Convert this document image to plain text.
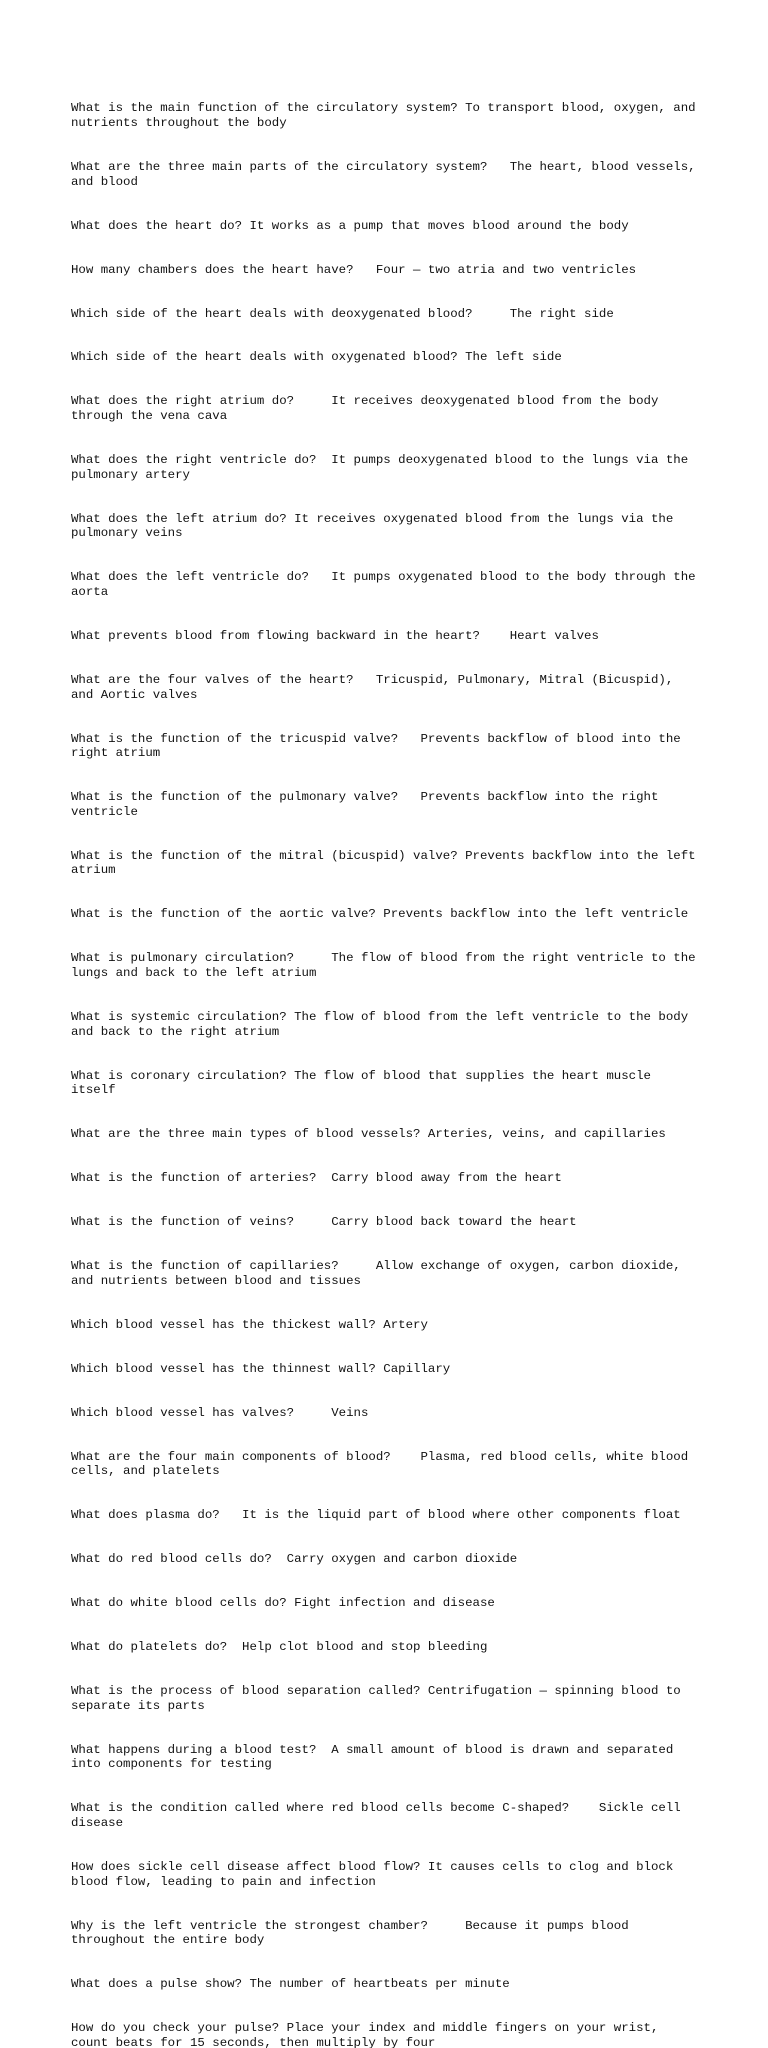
What is the main function of the circulatory system? To transport blood, oxygen, and nutrients throughout the body

What are the three main parts of the circulatory system?   The heart, blood vessels, and blood

What does the heart do? It works as a pump that moves blood around the body

How many chambers does the heart have?   Four — two atria and two ventricles

Which side of the heart deals with deoxygenated blood?     The right side

Which side of the heart deals with oxygenated blood? The left side

What does the right atrium do?     It receives deoxygenated blood from the body through the vena cava

What does the right ventricle do?  It pumps deoxygenated blood to the lungs via the pulmonary artery

What does the left atrium do? It receives oxygenated blood from the lungs via the pulmonary veins

What does the left ventricle do?   It pumps oxygenated blood to the body through the aorta

What prevents blood from flowing backward in the heart?    Heart valves

What are the four valves of the heart?   Tricuspid, Pulmonary, Mitral (Bicuspid), and Aortic valves

What is the function of the tricuspid valve?   Prevents backflow of blood into the right atrium

What is the function of the pulmonary valve?   Prevents backflow into the right ventricle

What is the function of the mitral (bicuspid) valve? Prevents backflow into the left atrium

What is the function of the aortic valve? Prevents backflow into the left ventricle

What is pulmonary circulation?     The flow of blood from the right ventricle to the lungs and back to the left atrium

What is systemic circulation? The flow of blood from the left ventricle to the body and back to the right atrium

What is coronary circulation? The flow of blood that supplies the heart muscle itself

What are the three main types of blood vessels? Arteries, veins, and capillaries

What is the function of arteries?  Carry blood away from the heart

What is the function of veins?     Carry blood back toward the heart

What is the function of capillaries?     Allow exchange of oxygen, carbon dioxide, and nutrients between blood and tissues

Which blood vessel has the thickest wall? Artery

Which blood vessel has the thinnest wall? Capillary

Which blood vessel has valves?     Veins

What are the four main components of blood?    Plasma, red blood cells, white blood cells, and platelets

What does plasma do?   It is the liquid part of blood where other components float

What do red blood cells do?  Carry oxygen and carbon dioxide

What do white blood cells do? Fight infection and disease

What do platelets do?  Help clot blood and stop bleeding

What is the process of blood separation called? Centrifugation — spinning blood to separate its parts

What happens during a blood test?  A small amount of blood is drawn and separated into components for testing

What is the condition called where red blood cells become C-shaped?    Sickle cell disease

How does sickle cell disease affect blood flow? It causes cells to clog and block blood flow, leading to pain and infection

Why is the left ventricle the strongest chamber?     Because it pumps blood throughout the entire body

What does a pulse show? The number of heartbeats per minute

How do you check your pulse? Place your index and middle fingers on your wrist, count beats for 15 seconds, then multiply by four
